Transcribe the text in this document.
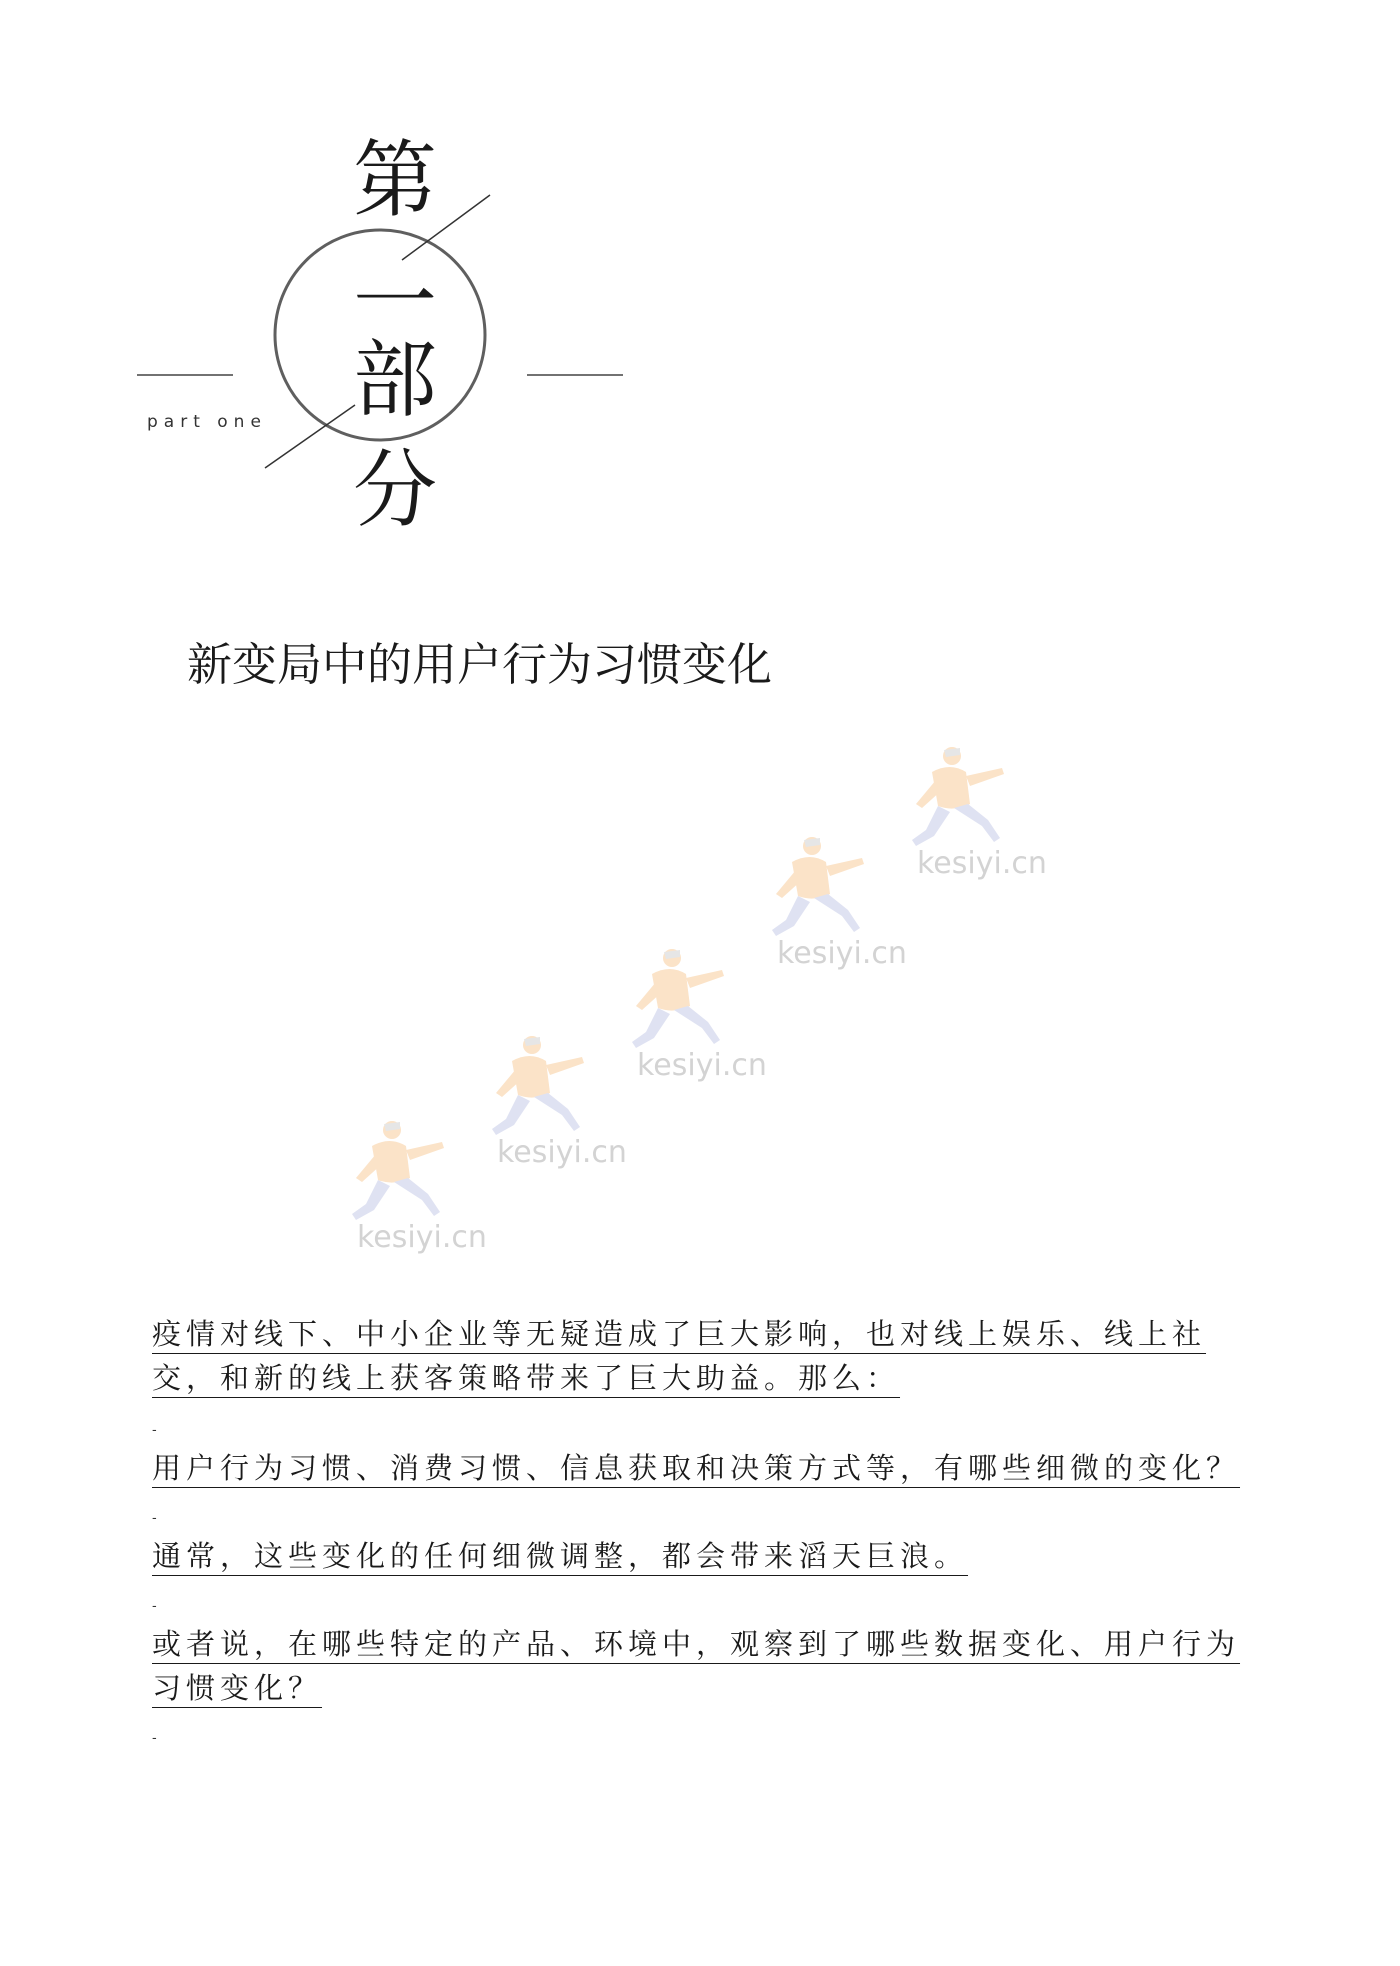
第
一
部
分
part one
新变局中的用户行为习惯变化
kesiyi.cn
kesiyi.cn
kesiyi.cn
kesiyi.cn
kesiyi.cn

疫情对线下、中小企业等无疑造成了巨大影响，也对线上娱乐、线上社交，和新的线上获客策略带来了巨大助益。那么：

-

用户行为习惯、消费习惯、信息获取和决策方式等，有哪些细微的变化？

-

通常，这些变化的任何细微调整，都会带来滔天巨浪。

-

或者说，在哪些特定的产品、环境中，观察到了哪些数据变化、用户行为习惯变化？

-
